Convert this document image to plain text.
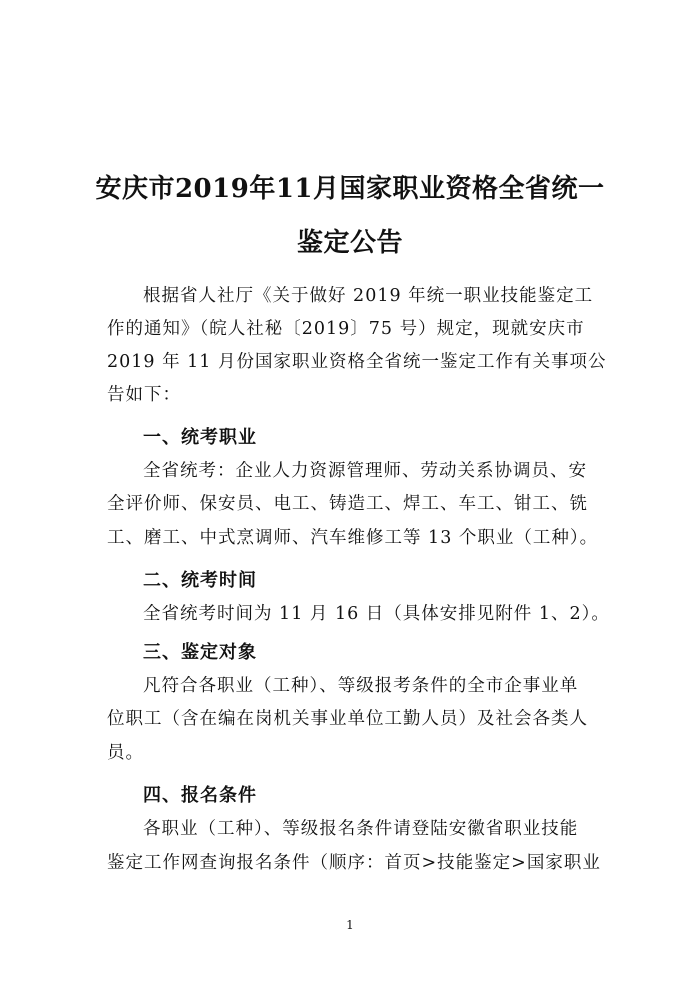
安庆市2019年11月国家职业资格全省统一
鉴定公告
根据省人社厅《关于做好 2019 年统一职业技能鉴定工
作的通知》（皖人社秘〔2019〕75 号）规定，现就安庆市
2019 年 11 月份国家职业资格全省统一鉴定工作有关事项公
告如下：
一、统考职业
全省统考：企业人力资源管理师、劳动关系协调员、安
全评价师、保安员、电工、铸造工、焊工、车工、钳工、铣
工、磨工、中式烹调师、汽车维修工等 13 个职业（工种）。
二、统考时间
全省统考时间为 11 月 16 日（具体安排见附件 1、2）。
三、鉴定对象
凡符合各职业（工种）、等级报考条件的全市企事业单
位职工（含在编在岗机关事业单位工勤人员）及社会各类人
员。
四、报名条件
各职业（工种）、等级报名条件请登陆安徽省职业技能
鉴定工作网查询报名条件（顺序：首页>技能鉴定>国家职业
1
